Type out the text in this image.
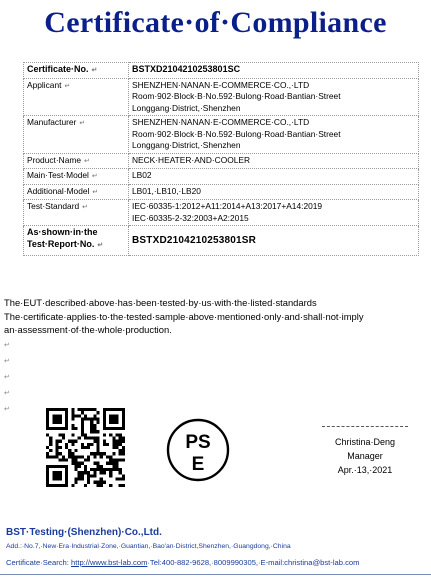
Certificate·of·Compliance
Certificate·No. ↵	BSTXD2104210253801SC

Applicant ↵	SHENZHEN·NANAN·E-COMMERCE·CO.,·LTD
Room·902·Block·B·No.592·Bulong·Road·Bantian·Street
Longgang·District,·Shenzhen

Manufacturer ↵	SHENZHEN·NANAN·E-COMMERCE·CO.,·LTD
Room·902·Block·B·No.592·Bulong·Road·Bantian·Street
Longgang·District,·Shenzhen

Product·Name ↵	NECK·HEATER·AND·COOLER

Main·Test·Model ↵	LB02

Additional·Model ↵	LB01,·LB10,·LB20

Test·Standard ↵	IEC·60335-1:2012+A11:2014+A13:2017+A14:2019
IEC·60335-2-32:2003+A2:2015

As·shown·in·the Test·Report·No. ↵	BSTXD2104210253801SR
The·EUT·described·above·has·been·tested·by·us·with·the·listed·standards
The·certificate·applies·to·the·tested·sample·above·mentioned·only·and·shall·not·imply
an·assessment·of·the·whole·production.
↵
↵
↵
↵
↵
PS
E
Christina·Deng
Manager
Apr.·13,·2021
BST·Testing·(Shenzhen)·Co.,Ltd.
Add.:·No.7,·New·Era·Industrial·Zone,·Guantian,·Bao'an·District,Shenzhen,·Guangdong,·China
Certificate·Search: http://www.bst-lab.com·Tel:400-882-9628,·8009990305,·E-mail:christina@bst-lab.com
